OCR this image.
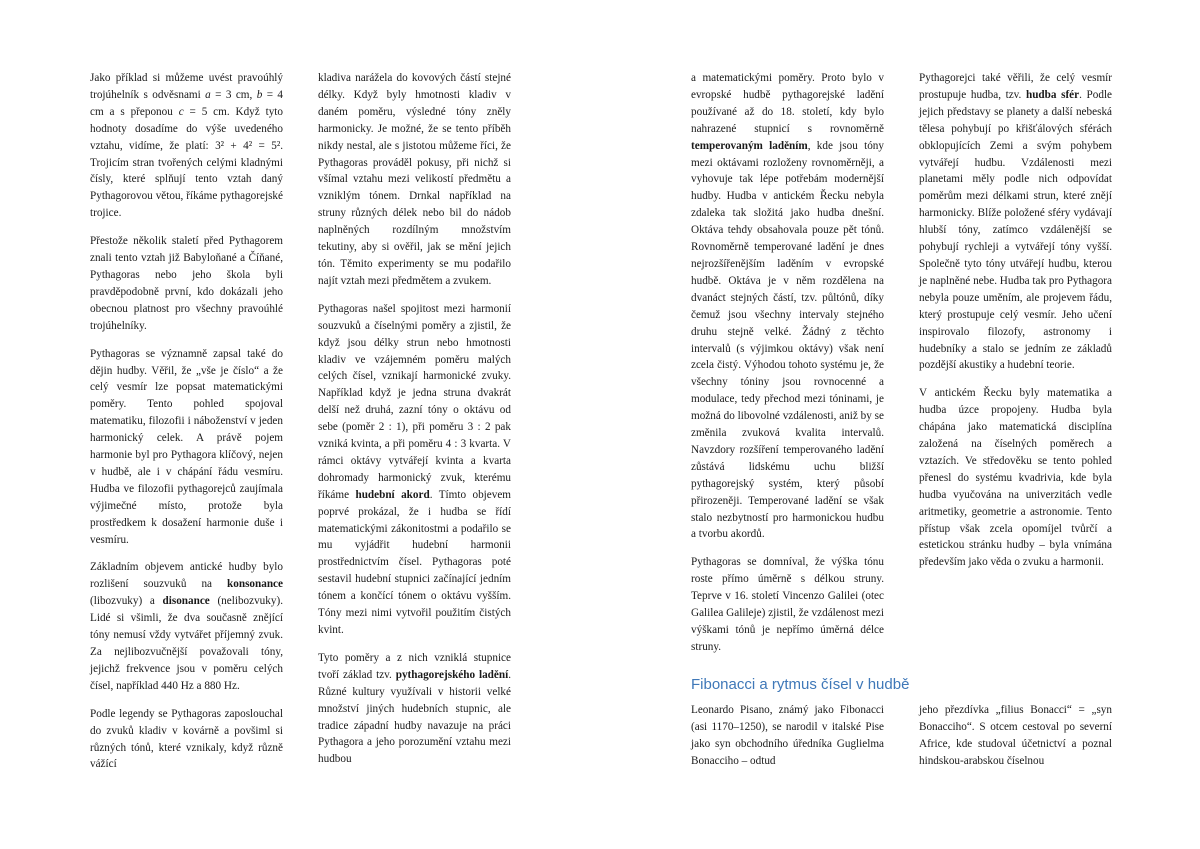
Jako příklad si můžeme uvést pravoúhlý trojúhelník s odvěsnami a = 3 cm, b = 4 cm a s přeponou c = 5 cm. Když tyto hodnoty dosadíme do výše uvedeného vztahu, vidíme, že platí: 3² + 4² = 5². Trojicím stran tvořených celými kladnými čísly, které splňují tento vztah daný Pythagorovou větou, říkáme pythagorejské trojice.

Přestože několik staletí před Pythagorem znali tento vztah již Babyloňané a Číňané, Pythagoras nebo jeho škola byli pravděpodobně první, kdo dokázali jeho obecnou platnost pro všechny pravoúhlé trojúhelníky.

Pythagoras se významně zapsal také do dějin hudby. Věřil, že „vše je číslo“ a že celý vesmír lze popsat matematickými poměry. Tento pohled spojoval matematiku, filozofii i náboženství v jeden harmonický celek. A právě pojem harmonie byl pro Pythagora klíčový, nejen v hudbě, ale i v chápání řádu vesmíru. Hudba ve filozofii pythagorejců zaujímala výjimečné místo, protože byla prostředkem k dosažení harmonie duše i vesmíru.

Základním objevem antické hudby bylo rozlišení souzvuků na konsonance (libozvuky) a disonance (nelibozvuky). Lidé si všimli, že dva současně znějící tóny nemusí vždy vytvářet příjemný zvuk. Za nejlibozvučnější považovali tóny, jejichž frekvence jsou v poměru celých čísel, například 440 Hz a 880 Hz.

Podle legendy se Pythagoras zaposlouchal do zvuků kladiv v kovárně a povšiml si různých tónů, které vznikaly, když různě vážící

kladiva narážela do kovových částí stejné délky. Když byly hmotnosti kladiv v daném poměru, výsledné tóny zněly harmonicky. Je možné, že se tento příběh nikdy nestal, ale s jistotou můžeme říci, že Pythagoras prováděl pokusy, při nichž si všímal vztahu mezi velikostí předmětu a vzniklým tónem. Drnkal například na struny různých délek nebo bil do nádob naplněných rozdílným množstvím tekutiny, aby si ověřil, jak se mění jejich tón. Těmito experimenty se mu podařilo najít vztah mezi předmětem a zvukem.

Pythagoras našel spojitost mezi harmonií souzvuků a číselnými poměry a zjistil, že když jsou délky strun nebo hmotnosti kladiv ve vzájemném poměru malých celých čísel, vznikají harmonické zvuky. Například když je jedna struna dvakrát delší než druhá, zazní tóny o oktávu od sebe (poměr 2 : 1), při poměru 3 : 2 pak vzniká kvinta, a při poměru 4 : 3 kvarta. V rámci oktávy vytvářejí kvinta a kvarta dohromady harmonický zvuk, kterému říkáme hudební akord. Tímto objevem poprvé prokázal, že i hudba se řídí matematickými zákonitostmi a podařilo se mu vyjádřit hudební harmonii prostřednictvím čísel. Pythagoras poté sestavil hudební stupnici začínající jedním tónem a končící tónem o oktávu vyšším. Tóny mezi nimi vytvořil použitím čistých kvint.

Tyto poměry a z nich vzniklá stupnice tvoří základ tzv. pythagorejského ladění. Různé kultury využívali v historii velké množství jiných hudebních stupnic, ale tradice západní hudby navazuje na práci Pythagora a jeho porozumění vztahu mezi hudbou

a matematickými poměry. Proto bylo v evropské hudbě pythagorejské ladění používané až do 18. století, kdy bylo nahrazené stupnicí s rovnoměrně temperovaným laděním, kde jsou tóny mezi oktávami rozloženy rovnoměrněji, a vyhovuje tak lépe potřebám modernější hudby. Hudba v antickém Řecku nebyla zdaleka tak složitá jako hudba dnešní. Oktáva tehdy obsahovala pouze pět tónů. Rovnoměrně temperované ladění je dnes nejrozšířenějším laděním v evropské hudbě. Oktáva je v něm rozdělena na dvanáct stejných částí, tzv. půltónů, díky čemuž jsou všechny intervaly stejného druhu stejně velké. Žádný z těchto intervalů (s výjimkou oktávy) však není zcela čistý. Výhodou tohoto systému je, že všechny tóniny jsou rovnocenné a modulace, tedy přechod mezi tóninami, je možná do libovolné vzdálenosti, aniž by se změnila zvuková kvalita intervalů. Navzdory rozšíření temperovaného ladění zůstává lidskému uchu bližší pythagorejský systém, který působí přirozeněji. Temperované ladění se však stalo nezbytností pro harmonickou hudbu a tvorbu akordů.

Pythagoras se domníval, že výška tónu roste přímo úměrně s délkou struny. Teprve v 16. století Vincenzo Galilei (otec Galilea Galileje) zjistil, že vzdálenost mezi výškami tónů je nepřímo úměrná délce struny.

Pythagorejci také věřili, že celý vesmír prostupuje hudba, tzv. hudba sfér. Podle jejich představy se planety a další nebeská tělesa pohybují po křišťálových sférách obklopujících Zemi a svým pohybem vytvářejí hudbu. Vzdálenosti mezi planetami měly podle nich odpovídat poměrům mezi délkami strun, které znějí harmonicky. Blíže položené sféry vydávají hlubší tóny, zatímco vzdálenější se pohybují rychleji a vytvářejí tóny vyšší. Společně tyto tóny utvářejí hudbu, kterou je naplněné nebe. Hudba tak pro Pythagora nebyla pouze uměním, ale projevem řádu, který prostupuje celý vesmír. Jeho učení inspirovalo filozofy, astronomy i hudebníky a stalo se jedním ze základů pozdější akustiky a hudební teorie.

V antickém Řecku byly matematika a hudba úzce propojeny. Hudba byla chápána jako matematická disciplína založená na číselných poměrech a vztazích. Ve středověku se tento pohled přenesl do systému kvadrivia, kde byla hudba vyučována na univerzitách vedle aritmetiky, geometrie a astronomie. Tento přístup však zcela opomíjel tvůrčí a estetickou stránku hudby – byla vnímána především jako věda o zvuku a harmonii.

Fibonacci a rytmus čísel v hudbě

Leonardo Pisano, známý jako Fibonacci (asi 1170–1250), se narodil v italské Pise jako syn obchodního úředníka Guglielma Bonacciho – odtud

jeho přezdívka „filius Bonacci“ = „syn Bonacciho“. S otcem cestoval po severní Africe, kde studoval účetnictví a poznal hindskou-arabskou číselnou
